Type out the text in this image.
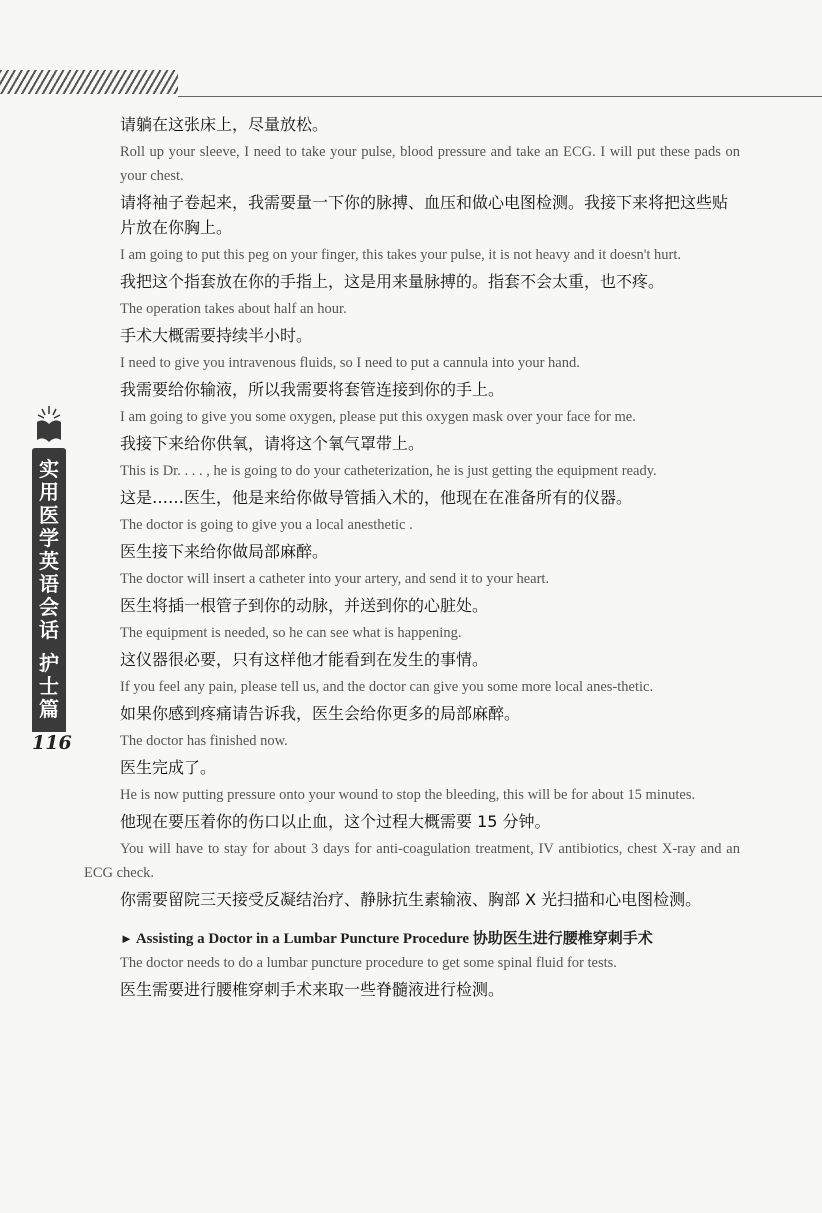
实
用
医
学
英
语
会
话
护
士
篇
116

请躺在这张床上，尽量放松。

Roll up your sleeve, I need to take your pulse, blood pressure and take an ECG. I will put these pads on your chest.

请将袖子卷起来，我需要量一下你的脉搏、血压和做心电图检测。我接下来将把这些贴片放在你胸上。

I am going to put this peg on your finger, this takes your pulse, it is not heavy and it doesn't hurt.

我把这个指套放在你的手指上，这是用来量脉搏的。指套不会太重，也不疼。

The operation takes about half an hour.

手术大概需要持续半小时。

I need to give you intravenous fluids, so I need to put a cannula into your hand.

我需要给你输液，所以我需要将套管连接到你的手上。

I am going to give you some oxygen, please put this oxygen mask over your face for me.

我接下来给你供氧，请将这个氧气罩带上。

This is Dr. . . . , he is going to do your catheterization, he is just getting the equipment ready.

这是……医生，他是来给你做导管插入术的，他现在在准备所有的仪器。

The doctor is going to give you a local anesthetic .

医生接下来给你做局部麻醉。

The doctor will insert a catheter into your artery, and send it to your heart.

医生将插一根管子到你的动脉，并送到你的心脏处。

The equipment is needed, so he can see what is happening.

这仪器很必要，只有这样他才能看到在发生的事情。

If you feel any pain, please tell us, and the doctor can give you some more local anes-thetic.

如果你感到疼痛请告诉我，医生会给你更多的局部麻醉。

The doctor has finished now.

医生完成了。

He is now putting pressure onto your wound to stop the bleeding, this will be for about 15 minutes.

他现在要压着你的伤口以止血，这个过程大概需要 15 分钟。

You will have to stay for about 3 days for anti-coagulation treatment, IV antibiotics, chest X-ray and an ECG check.

你需要留院三天接受反凝结治疗、静脉抗生素输液、胸部 X 光扫描和心电图检测。

► Assisting a Doctor in a Lumbar Puncture Procedure 协助医生进行腰椎穿刺手术

The doctor needs to do a lumbar puncture procedure to get some spinal fluid for tests.

医生需要进行腰椎穿刺手术来取一些脊髓液进行检测。
